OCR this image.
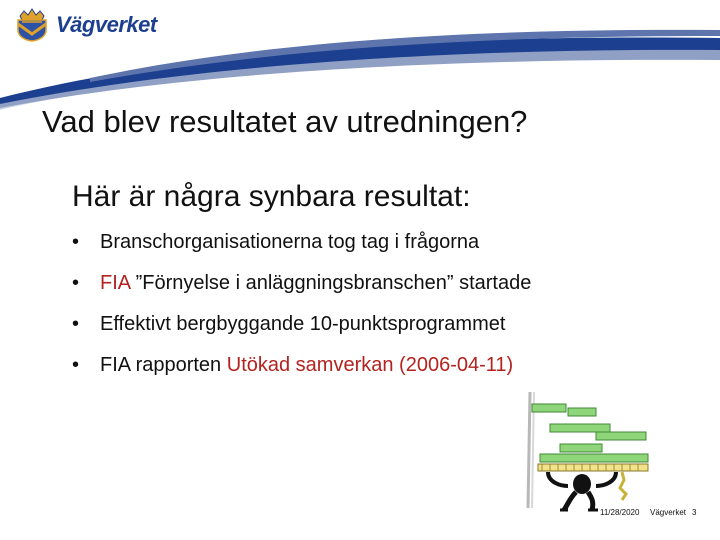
Vägverket
Vad blev resultatet av utredningen?
Här är några synbara resultat:
•	Branschorganisationerna tog tag i frågorna
•	FIA ”Förnyelse i anläggningsbranschen” startade
•	Effektivt bergbyggande 10-punktsprogrammet
•	FIA rapporten Utökad samverkan (2006-04-11)
11/28/2020 Vägverket 3
